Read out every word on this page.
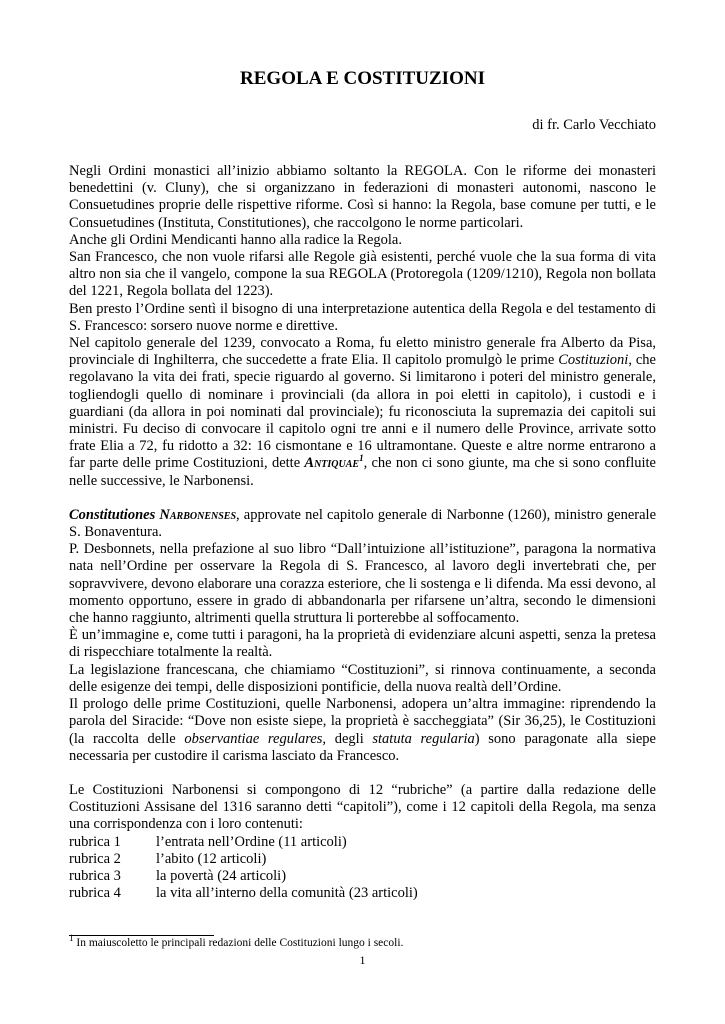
REGOLA E COSTITUZIONI
di fr. Carlo Vecchiato

Negli Ordini monastici all’inizio abbiamo soltanto la REGOLA. Con le riforme dei monasteri benedettini (v. Cluny), che si organizzano in federazioni di monasteri autonomi, nascono le Consuetudines proprie delle rispettive riforme. Così si hanno: la Regola, base comune per tutti, e le Consuetudines (Instituta, Constitutiones), che raccolgono le norme particolari.

Anche gli Ordini Mendicanti hanno alla radice la Regola.

San Francesco, che non vuole rifarsi alle Regole già esistenti, perché vuole che la sua forma di vita altro non sia che il vangelo, compone la sua REGOLA (Protoregola (1209/1210), Regola non bollata del 1221, Regola bollata del 1223).

Ben presto l’Ordine sentì il bisogno di una interpretazione autentica della Regola e del testamento di S. Francesco: sorsero nuove norme e direttive.

Nel capitolo generale del 1239, convocato a Roma, fu eletto ministro generale fra Alberto da Pisa, provinciale di Inghilterra, che succedette a frate Elia. Il capitolo promulgò le prime Costituzioni, che regolavano la vita dei frati, specie riguardo al governo. Si limitarono i poteri del ministro generale, togliendogli quello di nominare i provinciali (da allora in poi eletti in capitolo), i custodi e i guardiani (da allora in poi nominati dal provinciale); fu riconosciuta la supremazia dei capitoli sui ministri. Fu deciso di convocare il capitolo ogni tre anni e il numero delle Province, arrivate sotto frate Elia a 72, fu ridotto a 32: 16 cismontane e 16 ultramontane. Queste e altre norme entrarono a far parte delle prime Costituzioni, dette Antiquae$^1$, che non ci sono giunte, ma che si sono confluite nelle successive, le Narbonensi.

Constitutiones Narbonenses, approvate nel capitolo generale di Narbonne (1260), ministro generale S. Bonaventura.

P. Desbonnets, nella prefazione al suo libro “Dall’intuizione all’istituzione”, paragona la normativa nata nell’Ordine per osservare la Regola di S. Francesco, al lavoro degli invertebrati che, per sopravvivere, devono elaborare una corazza esteriore, che li sostenga e li difenda. Ma essi devono, al momento opportuno, essere in grado di abbandonarla per rifarsene un’altra, secondo le dimensioni che hanno raggiunto, altrimenti quella struttura li porterebbe al soffocamento.

È un’immagine e, come tutti i paragoni, ha la proprietà di evidenziare alcuni aspetti, senza la pretesa di rispecchiare totalmente la realtà.

La legislazione francescana, che chiamiamo “Costituzioni”, si rinnova continuamente, a seconda delle esigenze dei tempi, delle disposizioni pontificie, della nuova realtà dell’Ordine.

Il prologo delle prime Costituzioni, quelle Narbonensi, adopera un’altra immagine: riprendendo la parola del Siracide: “Dove non esiste siepe, la proprietà è saccheggiata” (Sir 36,25), le Costituzioni (la raccolta delle observantiae regulares, degli statuta regularia) sono paragonate alla siepe necessaria per custodire il carisma lasciato da Francesco.

Le Costituzioni Narbonensi si compongono di 12 “rubriche” (a partire dalla redazione delle Costituzioni Assisane del 1316 saranno detti “capitoli”), come i 12 capitoli della Regola, ma senza una corrispondenza con i loro contenuti:

rubrica 1	l’entrata nell’Ordine (11 articoli)
rubrica 2	l’abito (12 articoli)
rubrica 3	la povertà (24 articoli)
rubrica 4	la vita all’interno della comunità (23 articoli)
$^1$ In maiuscoletto le principali redazioni delle Costituzioni lungo i secoli.
1
